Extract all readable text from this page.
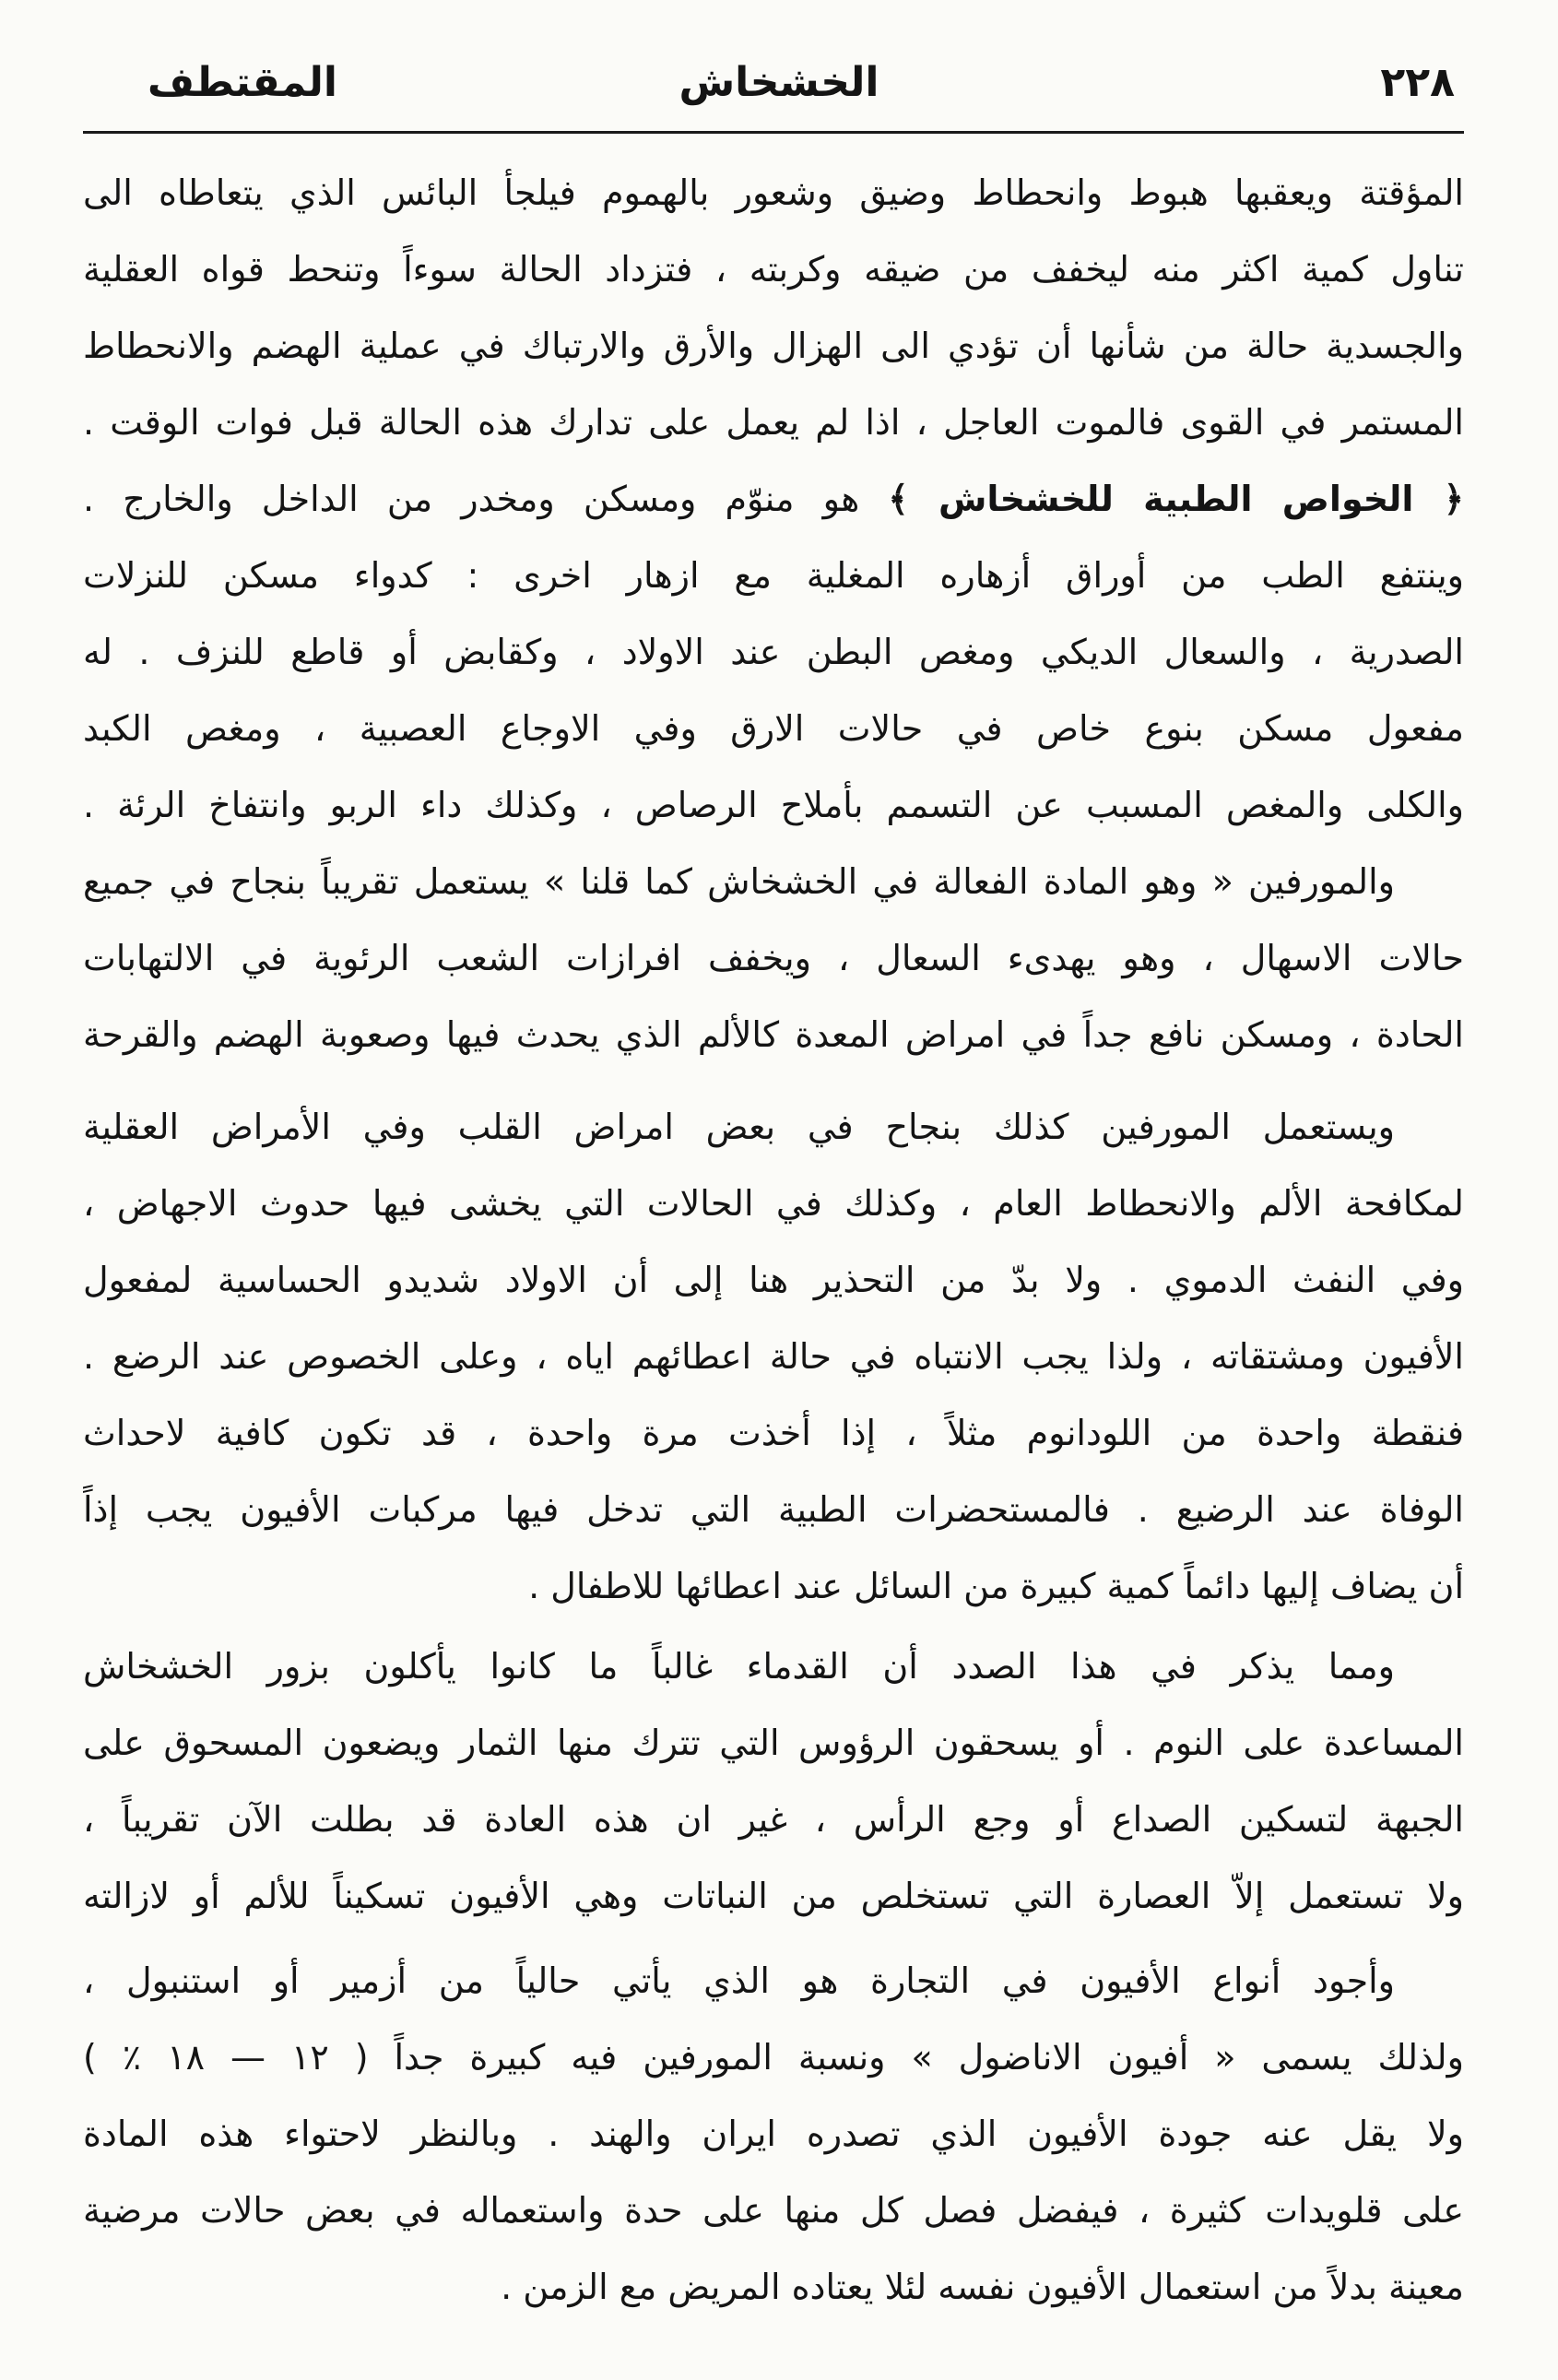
المقتطف	الخشخاش	٢٢٨
المؤقتة ويعقبها هبوط وانحطاط وضيق وشعور بالهموم فيلجأ البائس الذي يتعاطاه الى
تناول كمية اكثر منه ليخفف من ضيقه وكربته ، فتزداد الحالة سوءاً وتنحط قواه العقلية
والجسدية حالة من شأنها أن تؤدي الى الهزال والأرق والارتباك في عملية الهضم والانحطاط
المستمر في القوى فالموت العاجل ، اذا لم يعمل على تدارك هذه الحالة قبل فوات الوقت .
﴿ الخواص الطبية للخشخاش ﴾ هو منوّم ومسكن ومخدر من الداخل والخارج .
وينتفع الطب من أوراق أزهاره المغلية مع ازهار اخرى : كدواء مسكن للنزلات
الصدرية ، والسعال الديكي ومغص البطن عند الاولاد ، وكقابض أو قاطع للنزف . له
مفعول مسكن بنوع خاص في حالات الارق وفي الاوجاع العصبية ، ومغص الكبد
والكلى والمغص المسبب عن التسمم بأملاح الرصاص ، وكذلك داء الربو وانتفاخ الرئة .
والمورفين « وهو المادة الفعالة في الخشخاش كما قلنا » يستعمل تقريباً بنجاح في جميع
حالات الاسهال ، وهو يهدىء السعال ، ويخفف افرازات الشعب الرئوية في الالتهابات
الحادة ، ومسكن نافع جداً في امراض المعدة كالألم الذي يحدث فيها وصعوبة الهضم والقرحة
ويستعمل المورفين كذلك بنجاح في بعض امراض القلب وفي الأمراض العقلية
لمكافحة الألم والانحطاط العام ، وكذلك في الحالات التي يخشى فيها حدوث الاجهاض ،
وفي النفث الدموي . ولا بدّ من التحذير هنا إلى أن الاولاد شديدو الحساسية لمفعول
الأفيون ومشتقاته ، ولذا يجب الانتباه في حالة اعطائهم اياه ، وعلى الخصوص عند الرضع .
فنقطة واحدة من اللودانوم مثلاً ، إذا أخذت مرة واحدة ، قد تكون كافية لاحداث
الوفاة عند الرضيع . فالمستحضرات الطبية التي تدخل فيها مركبات الأفيون يجب إذاً
أن يضاف إليها دائماً كمية كبيرة من السائل عند اعطائها للاطفال .
ومما يذكر في هذا الصدد أن القدماء غالباً ما كانوا يأكلون بزور الخشخاش
المساعدة على النوم . أو يسحقون الرؤوس التي تترك منها الثمار ويضعون المسحوق على
الجبهة لتسكين الصداع أو وجع الرأس ، غير ان هذه العادة قد بطلت الآن تقريباً ،
ولا تستعمل إلاّ العصارة التي تستخلص من النباتات وهي الأفيون تسكيناً للألم أو لازالته
وأجود أنواع الأفيون في التجارة هو الذي يأتي حالياً من أزمير أو استنبول ،
ولذلك يسمى « أفيون الاناضول » ونسبة المورفين فيه كبيرة جداً ( ١٢ — ١٨ ٪ )
ولا يقل عنه جودة الأفيون الذي تصدره ايران والهند . وبالنظر لاحتواء هذه المادة
على قلويدات كثيرة ، فيفضل فصل كل منها على حدة واستعماله في بعض حالات مرضية
معينة بدلاً من استعمال الأفيون نفسه لئلا يعتاده المريض مع الزمن .
